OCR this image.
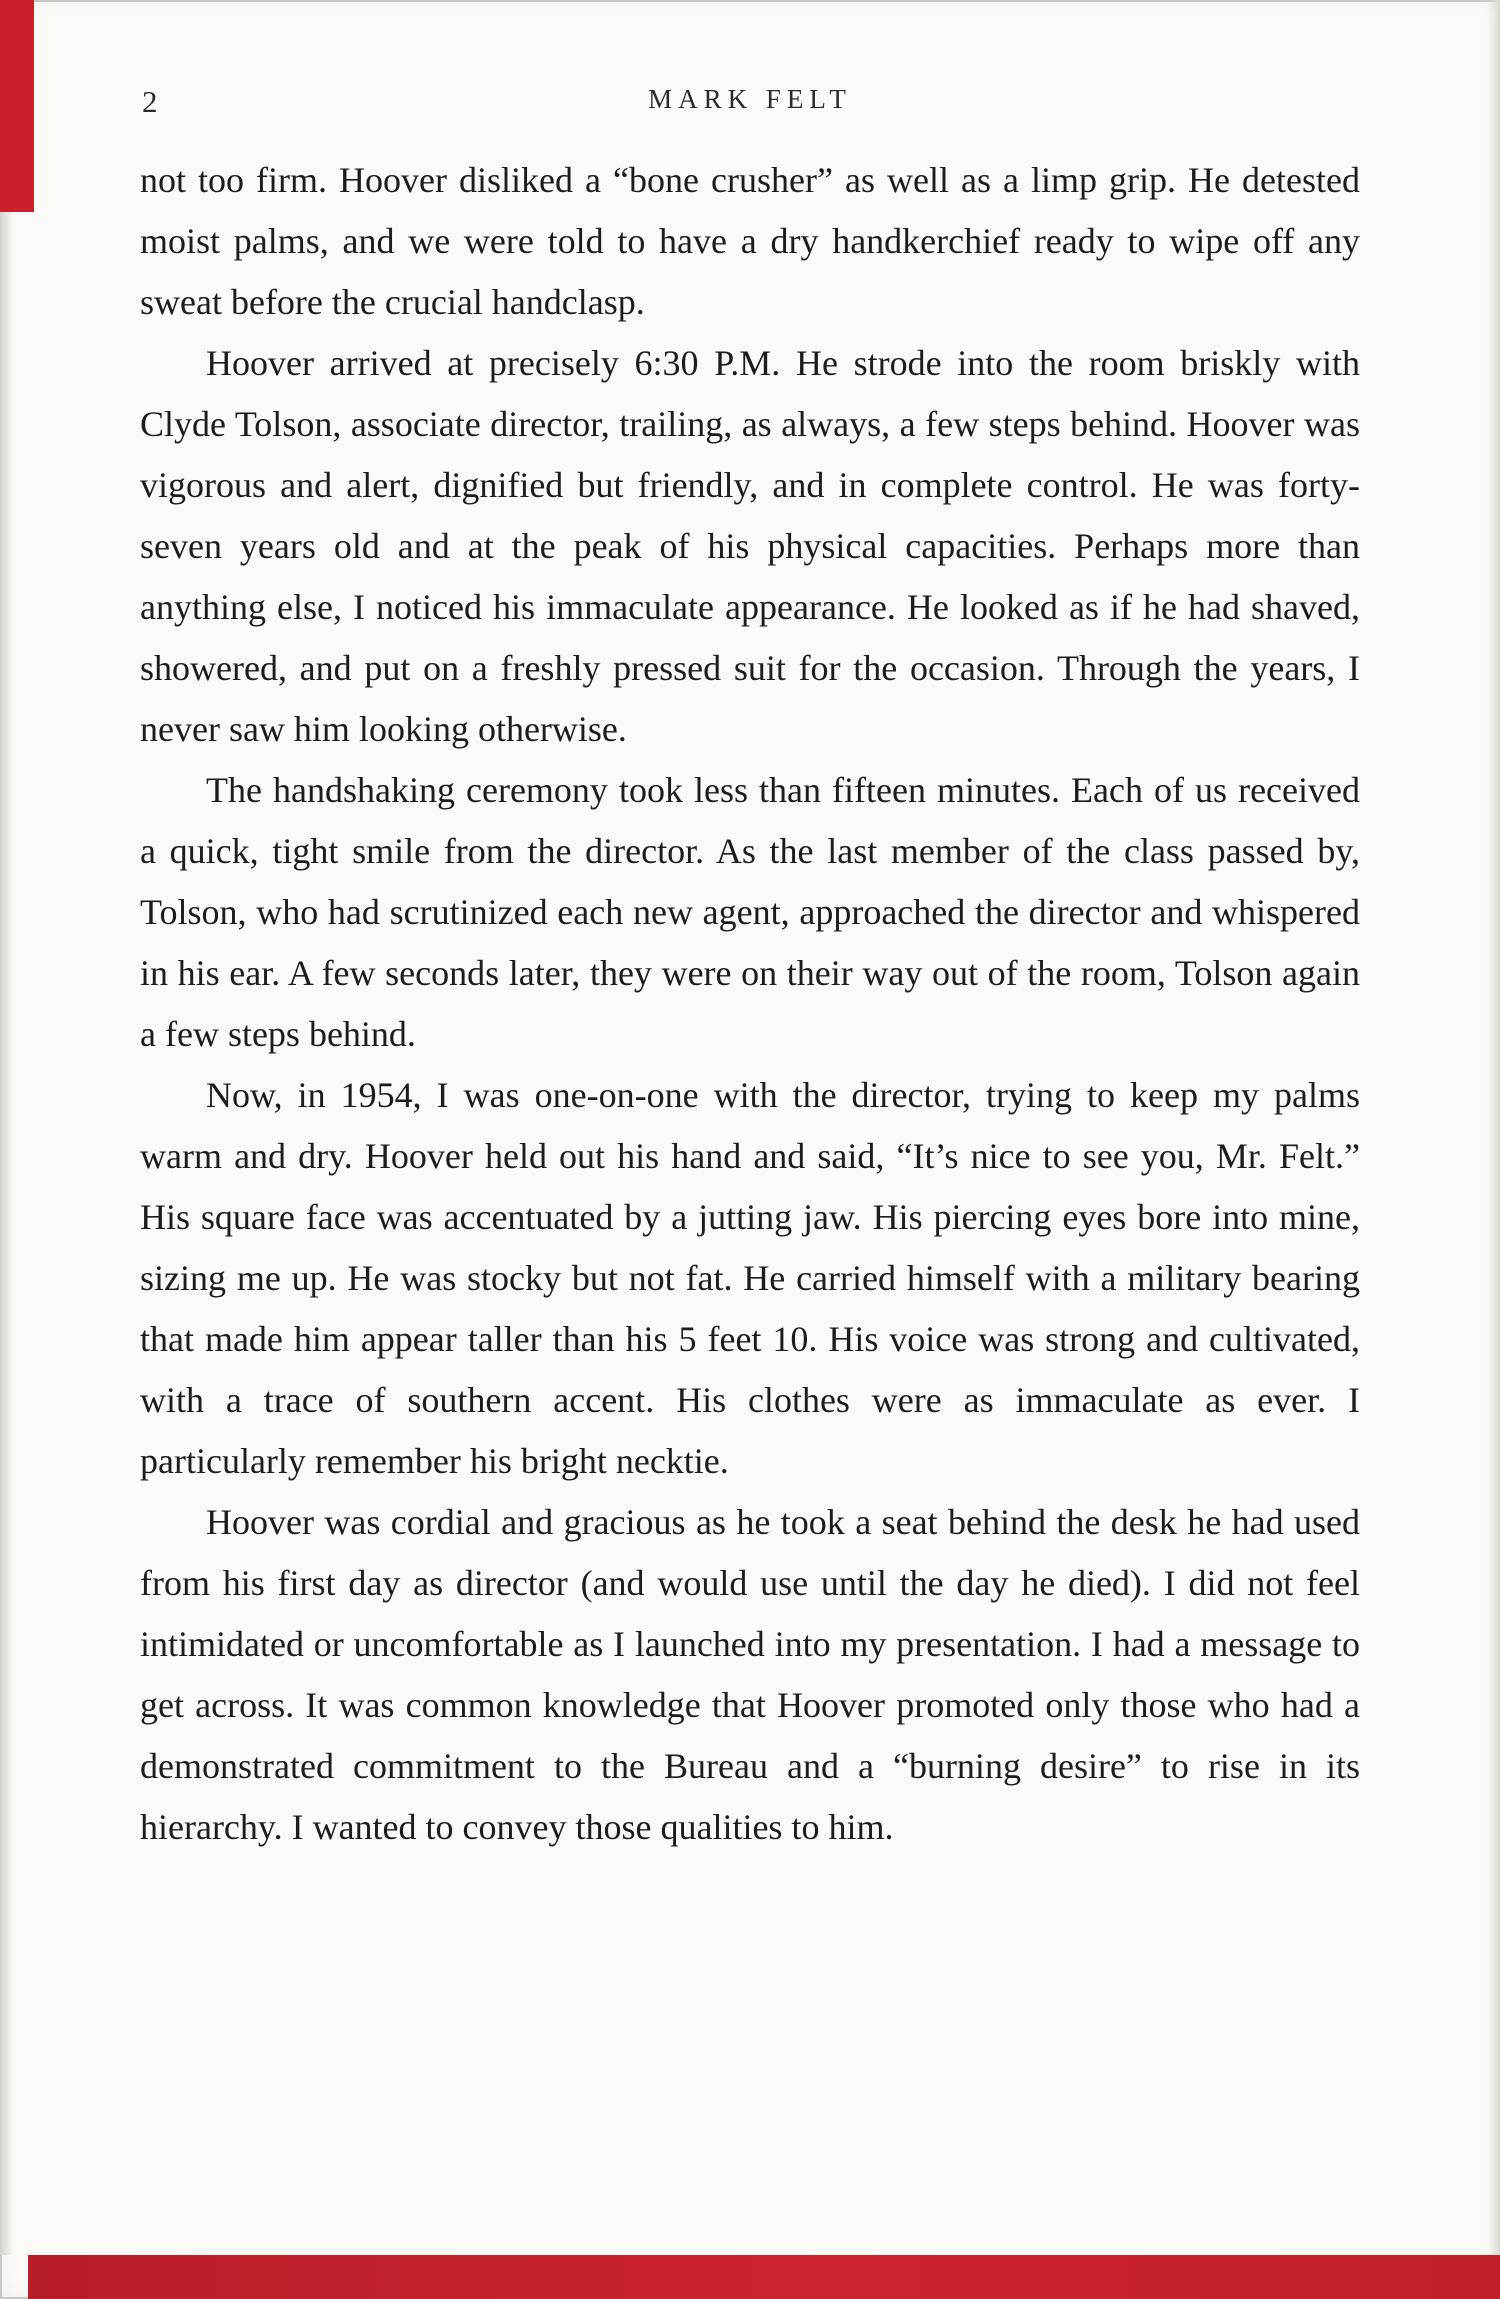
2	MARK FELT

not too firm. Hoover disliked a “bone crusher” as well as a limp grip. He detested moist palms, and we were told to have a dry handkerchief ready to wipe off any sweat before the crucial handclasp.

Hoover arrived at precisely 6:30 P.M. He strode into the room briskly with Clyde Tolson, associate director, trailing, as always, a few steps behind. Hoover was vigorous and alert, dignified but friendly, and in complete control. He was forty-seven years old and at the peak of his physical capacities. Perhaps more than anything else, I noticed his immaculate appearance. He looked as if he had shaved, showered, and put on a freshly pressed suit for the occasion. Through the years, I never saw him looking otherwise.

The handshaking ceremony took less than fifteen minutes. Each of us received a quick, tight smile from the director. As the last member of the class passed by, Tolson, who had scrutinized each new agent, approached the director and whispered in his ear. A few seconds later, they were on their way out of the room, Tolson again a few steps behind.

Now, in 1954, I was one-on-one with the director, trying to keep my palms warm and dry. Hoover held out his hand and said, “It’s nice to see you, Mr. Felt.” His square face was accentuated by a jutting jaw. His piercing eyes bore into mine, sizing me up. He was stocky but not fat. He carried himself with a military bearing that made him appear taller than his 5 feet 10. His voice was strong and cultivated, with a trace of southern accent. His clothes were as immaculate as ever. I particularly remember his bright necktie.

Hoover was cordial and gracious as he took a seat behind the desk he had used from his first day as director (and would use until the day he died). I did not feel intimidated or uncomfortable as I launched into my presentation. I had a message to get across. It was common knowledge that Hoover promoted only those who had a demonstrated commitment to the Bureau and a “burning desire” to rise in its hierarchy. I wanted to convey those qualities to him.
